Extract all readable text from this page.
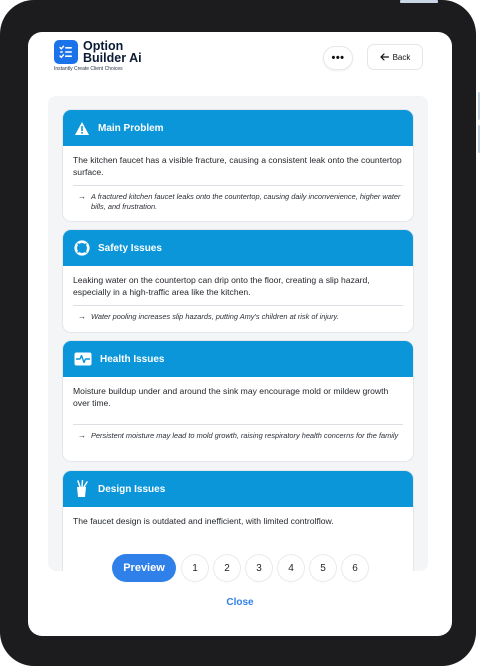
Option
Builder Ai
Instantly Create Client Choices
•••	Back
Main Problem

The kitchen faucet has a visible fracture, causing a consistent leak onto the countertop surface.

→ A fractured kitchen faucet leaks onto the countertop, causing daily inconvenience, higher water bills, and frustration.
Safety Issues

Leaking water on the countertop can drip onto the floor, creating a slip hazard, especially in a high-traffic area like the kitchen.

→ Water pooling increases slip hazards, putting Amy's children at risk of injury.
Health Issues

Moisture buildup under and around the sink may encourage mold or mildew growth over time.

→ Persistent moisture may lead to mold growth, raising respiratory health concerns for the family
Design Issues

The faucet design is outdated and inefficient, with limited controlflow.

Preview	1	2	3	4	5	6
Close
